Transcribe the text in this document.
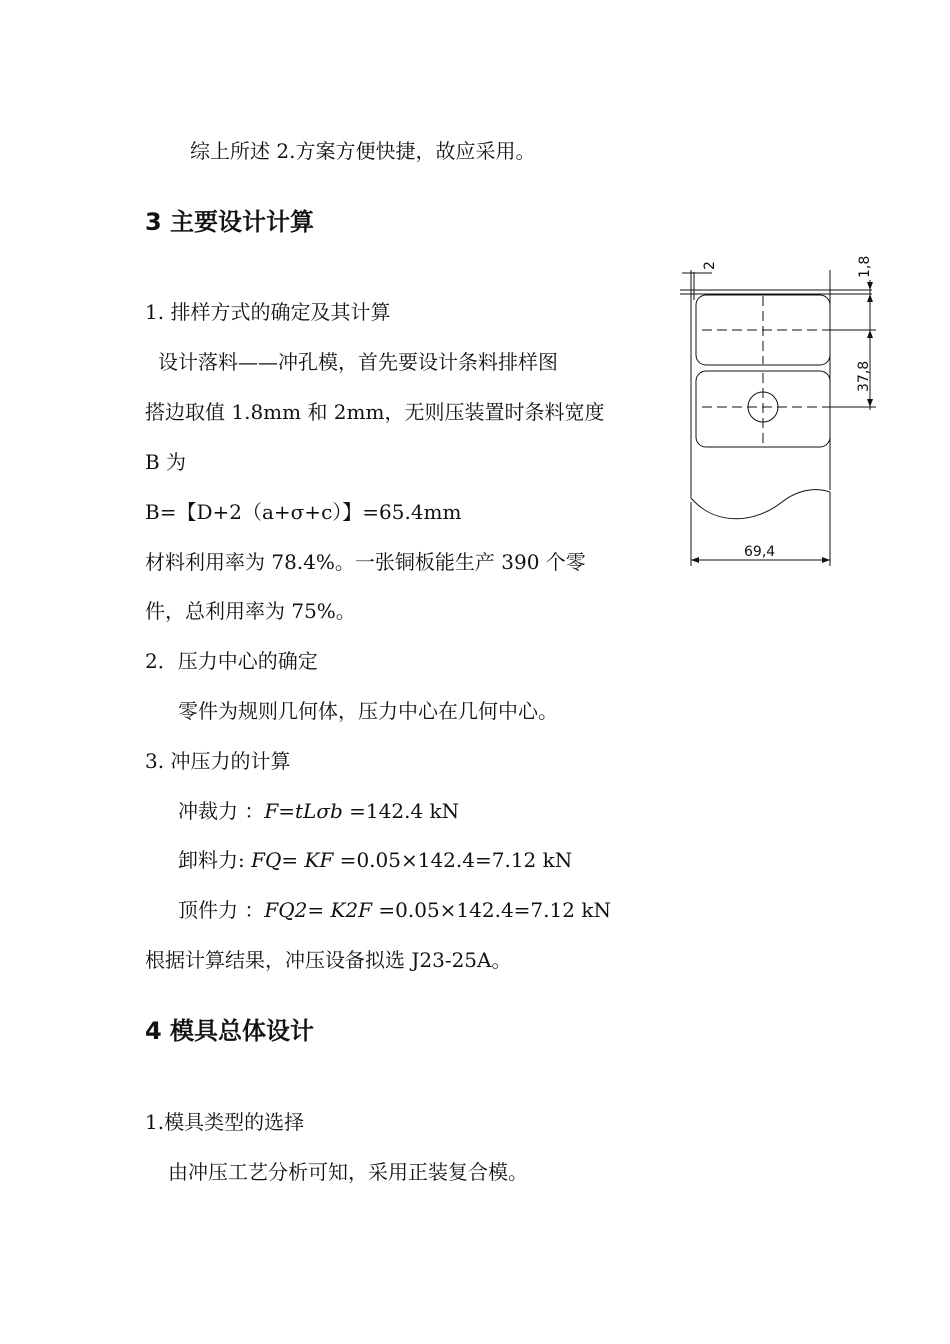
综上所述 2.方案方便快捷，故应采用。
3 主要设计计算
1. 排样方式的确定及其计算
设计落料——冲孔模，首先要设计条料排样图
搭边取值 1.8mm 和 2mm，无则压装置时条料宽度
B 为
B=【D+2（a+σ+c）】=65.4mm
材料利用率为 78.4%。一张铜板能生产 390 个零
件，总利用率为 75%。
2．压力中心的确定
零件为规则几何体，压力中心在几何中心。
3. 冲压力的计算
冲裁力 ：F=tLσb =142.4 kN
卸料力: FQ= KF =0.05×142.4=7.12 kN
顶件力 ：FQ2= K2F =0.05×142.4=7.12 kN
根据计算结果，冲压设备拟选 J23-25A。
4 模具总体设计
1.模具类型的选择
由冲压工艺分析可知，采用正装复合模。
1,8
2
37,8
69,4
